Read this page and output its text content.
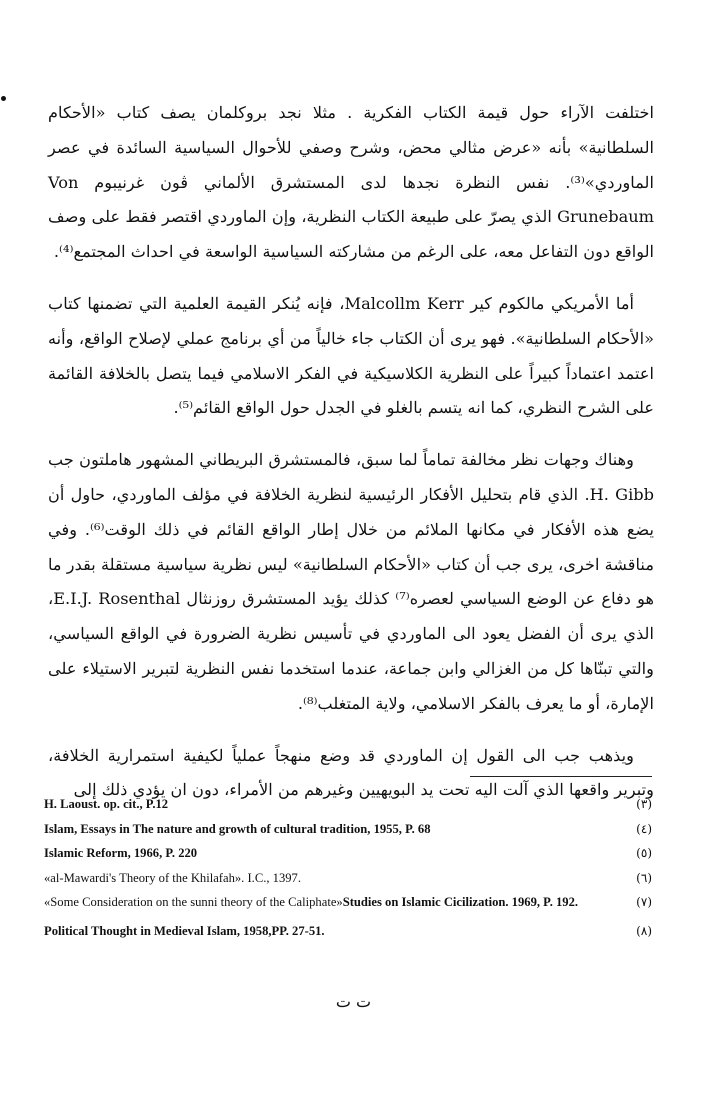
اختلفت الآراء حول قيمة الكتاب الفكرية . مثلا نجد بروكلمان يصف كتاب «الأحكام السلطانية» بأنه «عرض مثالي محض، وشرح وصفي للأحوال السياسية السائدة في عصر الماوردي»⁽³⁾. نفس النظرة نجدها لدى المستشرق الألماني ڤون غرنيبوم Von Grunebaum الذي يصرّ على طبيعة الكتاب النظرية، وإن الماوردي اقتصر فقط على وصف الواقع دون التفاعل معه، على الرغم من مشاركته السياسية الواسعة في احداث المجتمع⁽⁴⁾.

أما الأمريكي مالكوم كير Malcollm Kerr، فإنه يُنكر القيمة العلمية التي تضمنها كتاب «الأحكام السلطانية». فهو يرى أن الكتاب جاء خالياً من أي برنامج عملي لإصلاح الواقع، وأنه اعتمد اعتماداً كبيراً على النظرية الكلاسيكية في الفكر الاسلامي فيما يتصل بالخلافة القائمة على الشرح النظري، كما انه يتسم بالغلو في الجدل حول الواقع القائم⁽⁵⁾.

وهناك وجهات نظر مخالفة تماماً لما سبق، فالمستشرق البريطاني المشهور هاملتون جب H. Gibb. الذي قام بتحليل الأفكار الرئيسية لنظرية الخلافة في مؤلف الماوردي، حاول أن يضع هذه الأفكار في مكانها الملائم من خلال إطار الواقع القائم في ذلك الوقت⁽⁶⁾. وفي مناقشة اخرى، يرى جب أن كتاب «الأحكام السلطانية» ليس نظرية سياسية مستقلة بقدر ما هو دفاع عن الوضع السياسي لعصره⁽⁷⁾ كذلك يؤيد المستشرق روزنثال E.I.J. Rosenthal، الذي يرى أن الفضل يعود الى الماوردي في تأسيس نظرية الضرورة في الواقع السياسي، والتي تبنّاها كل من الغزالي وابن جماعة، عندما استخدما نفس النظرية لتبرير الاستيلاء على الإمارة، أو ما يعرف بالفكر الاسلامي، ولاية المتغلب⁽⁸⁾.

ويذهب جب الى القول إن الماوردي قد وضع منهجاً عملياً لكيفية استمرارية الخلافة، وتبرير واقعها الذي آلت اليه تحت يد البويهيين وغيرهم من الأمراء، دون ان يؤدي ذلك إلى

(٣)
H. Laoust. op. cit., P.12
(٤)
Islam, Essays in The nature and growth of cultural tradition, 1955, P. 68
(٥)
Islamic Reform, 1966, P. 220
(٦)
«al-Mawardi's Theory of the Khilafah». I.C., 1397.
(٧)
«Some Consideration on the sunni theory of the Caliphate»Studies on Islamic Cicilization. 1969, P. 192.
(٨)
Political Thought in Medieval Islam, 1958,PP. 27-51.
ت ت
